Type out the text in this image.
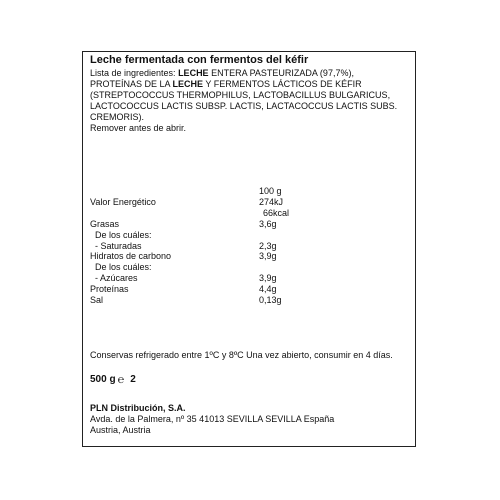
Leche fermentada con fermentos del kéfir
Lista de ingredientes: LECHE ENTERA PASTEURIZADA (97,7%), PROTEÍNAS DE LA LECHE Y FERMENTOS LÁCTICOS DE KÉFIR (STREPTOCOCCUS THERMOPHILUS, LACTOBACILLUS BULGARICUS, LACTOCOCCUS LACTIS SUBSP. LACTIS, LACTACOCCUS LACTIS SUBS. CREMORIS).
Remover antes de abrir.
100 g
Valor Energético	274kJ
66kcal
Grasas	3,6g
De los cuáles:
- Saturadas	2,3g
Hidratos de carbono	3,9g
De los cuáles:
- Azúcares	3,9g
Proteínas	4,4g
Sal	0,13g
Conservas refrigerado entre 1ºC y 8ºC Una vez abierto, consumir en 4 días.
500 g ℮ 2
PLN Distribución, S.A.
Avda. de la Palmera, nº 35 41013 SEVILLA SEVILLA España
Austria, Austria
